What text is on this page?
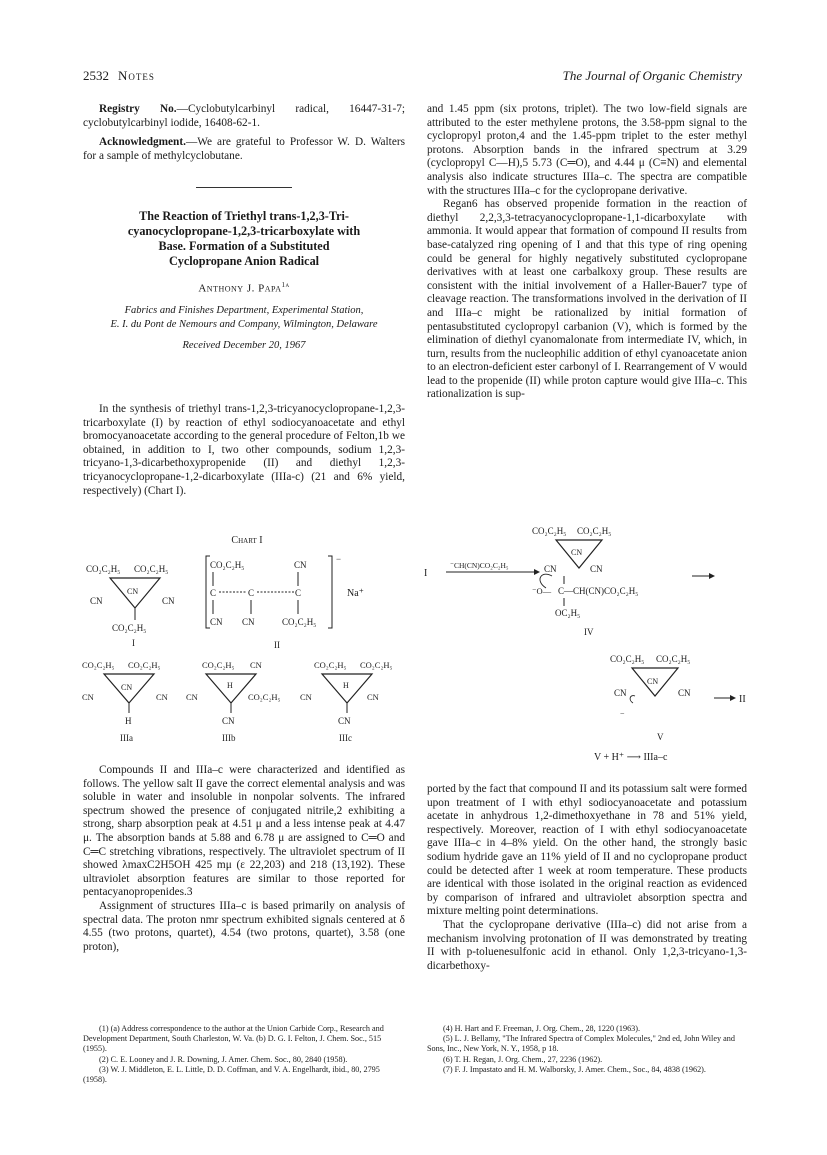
2532 Notes	The Journal of Organic Chemistry

Registry No.—Cyclobutylcarbinyl radical, 16447-31-7; cyclobutylcarbinyl iodide, 16408-62-1.

Acknowledgment.—We are grateful to Professor W. D. Walters for a sample of methylcyclobutane.

The Reaction of Triethyl trans-1,2,3-Tri-
cyanocyclopropane-1,2,3-tricarboxylate with
Base. Formation of a Substituted
Cyclopropane Anion Radical
Anthony J. Papa$^{1a}$
Fabrics and Finishes Department, Experimental Station,
E. I. du Pont de Nemours and Company, Wilmington, Delaware
Received December 20, 1967

In the synthesis of triethyl trans-1,2,3-tricyanocyclopropane-1,2,3-tricarboxylate (I) by reaction of ethyl sodiocyanoacetate and ethyl bromocyanoacetate according to the general procedure of Felton,1b we obtained, in addition to I, two other compounds, sodium 1,2,3-tricyano-1,3-dicarbethoxypropenide (II) and diethyl 1,2,3-tricyanocyclopropane-1,2-dicarboxylate (IIIa-c) (21 and 6% yield, respectively) (Chart I).

and 1.45 ppm (six protons, triplet). The two low-field signals are attributed to the ester methylene protons, the 3.58-ppm signal to the cyclopropyl proton,4 and the 1.45-ppm triplet to the ester methyl protons. Absorption bands in the infrared spectrum at 3.29 (cyclopropyl C—H),5 5.73 (C═O), and 4.44 μ (C≡N) and elemental analysis also indicate structures IIIa–c. The spectra are compatible with the structures IIIa–c for the cyclopropane derivative.

Regan6 has observed propenide formation in the reaction of diethyl 2,2,3,3-tetracyanocyclopropane-1,1-dicarboxylate with ammonia. It would appear that formation of compound II results from base-catalyzed ring opening of I and that this type of ring opening could be general for highly negatively substituted cyclopropane derivatives with at least one carbalkoxy group. These results are consistent with the initial involvement of a Haller-Bauer7 type of cleavage reaction. The transformations involved in the derivation of II and IIIa–c might be rationalized by initial formation of pentasubstituted cyclopropyl carbanion (V), which is formed by the elimination of diethyl cyanomalonate from intermediate IV, which, in turn, results from the nucleophilic addition of ethyl cyanoacetate anion to an electron-deficient ester carbonyl of I. Rearrangement of V would lead to the propenide (II) while proton capture would give IIIa–c. This rationalization is sup-

Chart I
CO₂C₂H₅ CO₂C₂H₅
CN
CN	CN
CO₂C₂H₅
I
−
CO₂C₂H₅	CN
C	C	C
CN CN	CO₂C₂H₅
Na⁺
II
CO₂C₂H₅ CO₂C₂H₅
CN
CN	CN
H
IIIa
CO₂C₂H₅ CN
H
CN	CO₂C₂H₅
CN
IIIb
CO₂C₂H₅ CO₂C₂H₅
H
CN	CN
CN
IIIc
CO₂C₂H₅ CO₂C₂H₅
CN
I
⁻CH(CN)CO₂C₂H₅	CN	CN
⁻O— C—CH(CN)CO₂C₂H₅
OC₂H₅
IV
CO₂C₂H₅ CO₂C₂H₅
CN
CN	CN
−
II
V
V + H⁺ ⟶ IIIa–c

Compounds II and IIIa–c were characterized and identified as follows. The yellow salt II gave the correct elemental analysis and was soluble in water and insoluble in nonpolar solvents. The infrared spectrum showed the presence of conjugated nitrile,2 exhibiting a strong, sharp absorption peak at 4.51 μ and a less intense peak at 4.47 μ. The absorption bands at 5.88 and 6.78 μ are assigned to C═O and C═C stretching vibrations, respectively. The ultraviolet spectrum of II showed λmaxC2H5OH 425 mμ (ε 22,203) and 218 (13,192). These ultraviolet absorption features are similar to those reported for pentacyanopropenides.3

Assignment of structures IIIa–c is based primarily on analysis of spectral data. The proton nmr spectrum exhibited signals centered at δ 4.55 (two protons, quartet), 4.54 (two protons, quartet), 3.58 (one proton),

ported by the fact that compound II and its potassium salt were formed upon treatment of I with ethyl sodiocyanoacetate and potassium acetate in anhydrous 1,2-dimethoxyethane in 78 and 51% yield, respectively. Moreover, reaction of I with ethyl sodiocyanoacetate gave IIIa–c in 4–8% yield. On the other hand, the strongly basic sodium hydride gave an 11% yield of II and no cyclopropane product could be detected after 1 week at room temperature. These products are identical with those isolated in the original reaction as evidenced by comparison of infrared and ultraviolet absorption spectra and mixture melting point determinations.

That the cyclopropane derivative (IIIa–c) did not arise from a mechanism involving protonation of II was demonstrated by treating II with p-toluenesulfonic acid in ethanol. Only 1,2,3-tricyano-1,3-dicarbethoxy-

(1) (a) Address correspondence to the author at the Union Carbide Corp., Research and Development Department, South Charleston, W. Va. (b) D. G. I. Felton, J. Chem. Soc., 515 (1955).
(2) C. E. Looney and J. R. Downing, J. Amer. Chem. Soc., 80, 2840 (1958).
(3) W. J. Middleton, E. L. Little, D. D. Coffman, and V. A. Engelhardt, ibid., 80, 2795 (1958).
(4) H. Hart and F. Freeman, J. Org. Chem., 28, 1220 (1963).
(5) L. J. Bellamy, "The Infrared Spectra of Complex Molecules," 2nd ed, John Wiley and Sons, Inc., New York, N. Y., 1958, p 18.
(6) T. H. Regan, J. Org. Chem., 27, 2236 (1962).
(7) F. J. Impastato and H. M. Walborsky, J. Amer. Chem., Soc., 84, 4838 (1962).
